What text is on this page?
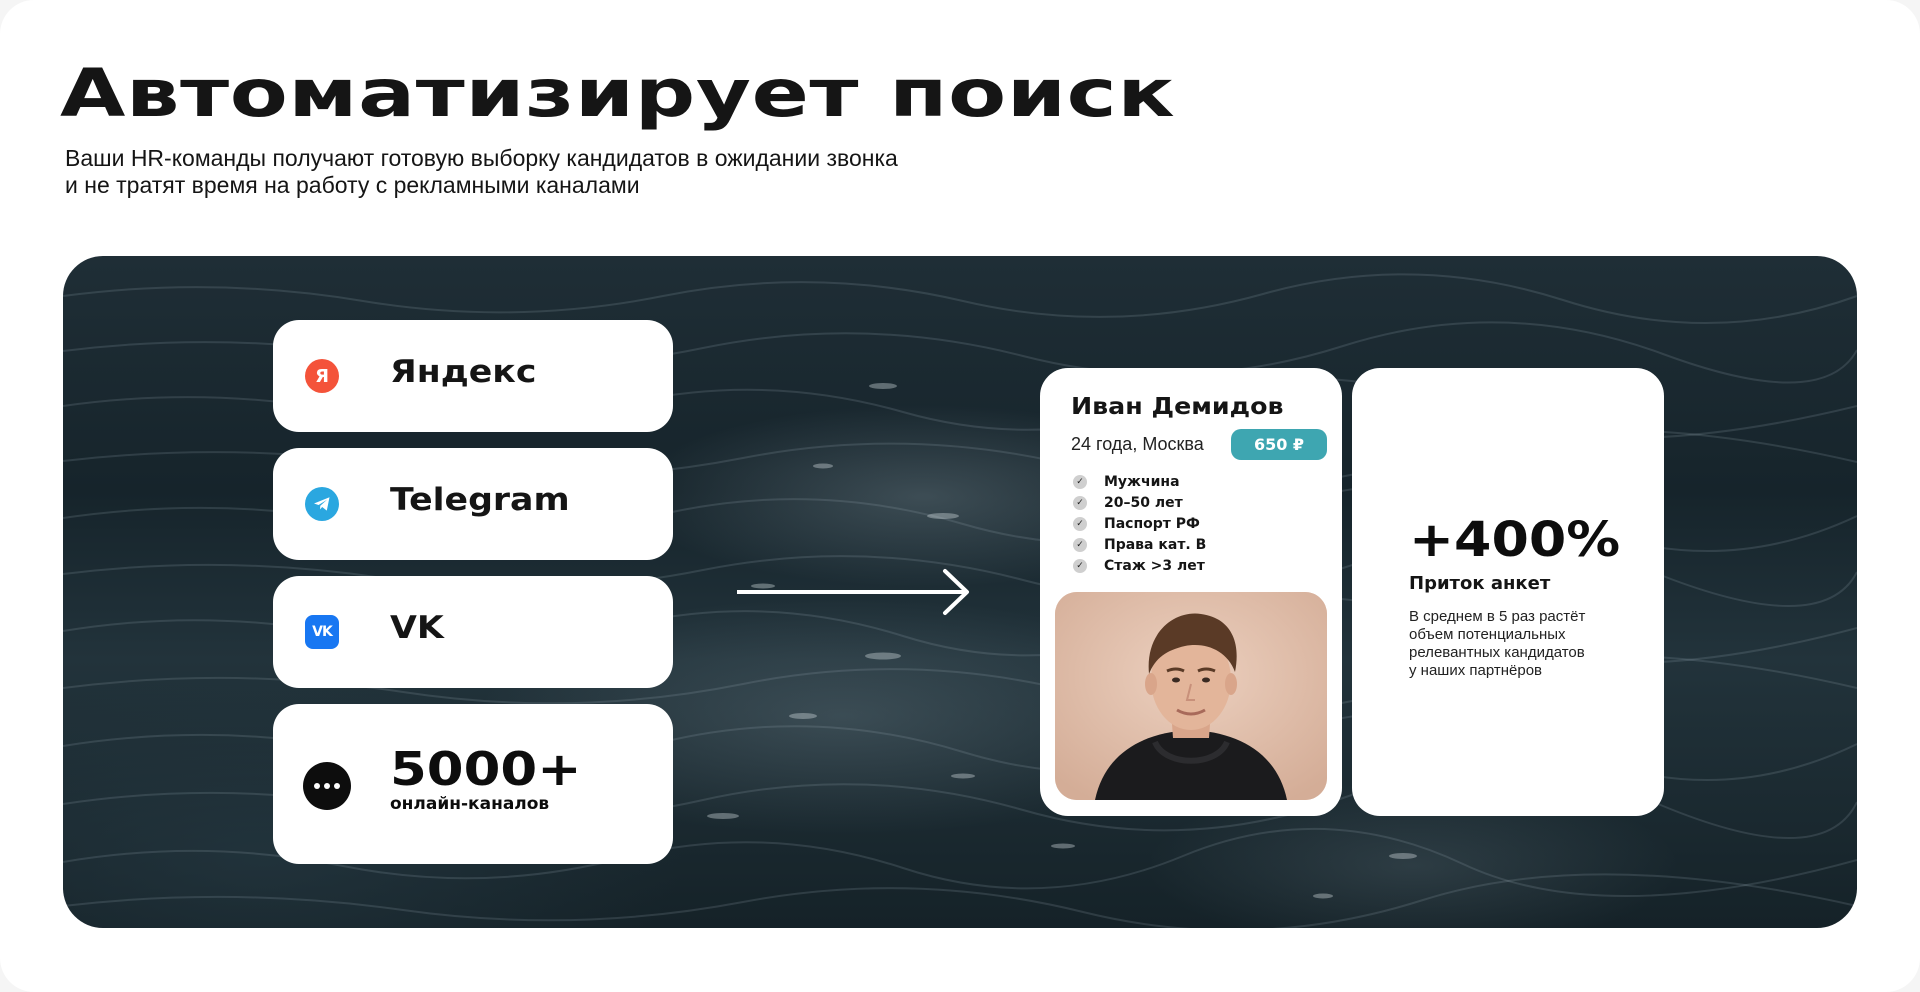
Автоматизирует поиск
Ваши HR-команды получают готовую выборку кандидатов в ожидании звонка
и не тратят время на работу с рекламными каналами
Я	Яндекс
Telegram
VK VK
5000+
онлайн-каналов
Иван Демидов
24 года, Москва	650 ₽
✓ Мужчина
✓ 20–50 лет
✓ Паспорт РФ
✓ Права кат. B
✓ Стаж >3 лет	+400%
Приток анкет
В среднем в 5 раз растёт
объем потенциальных
релевантных кандидатов
у наших партнёров
